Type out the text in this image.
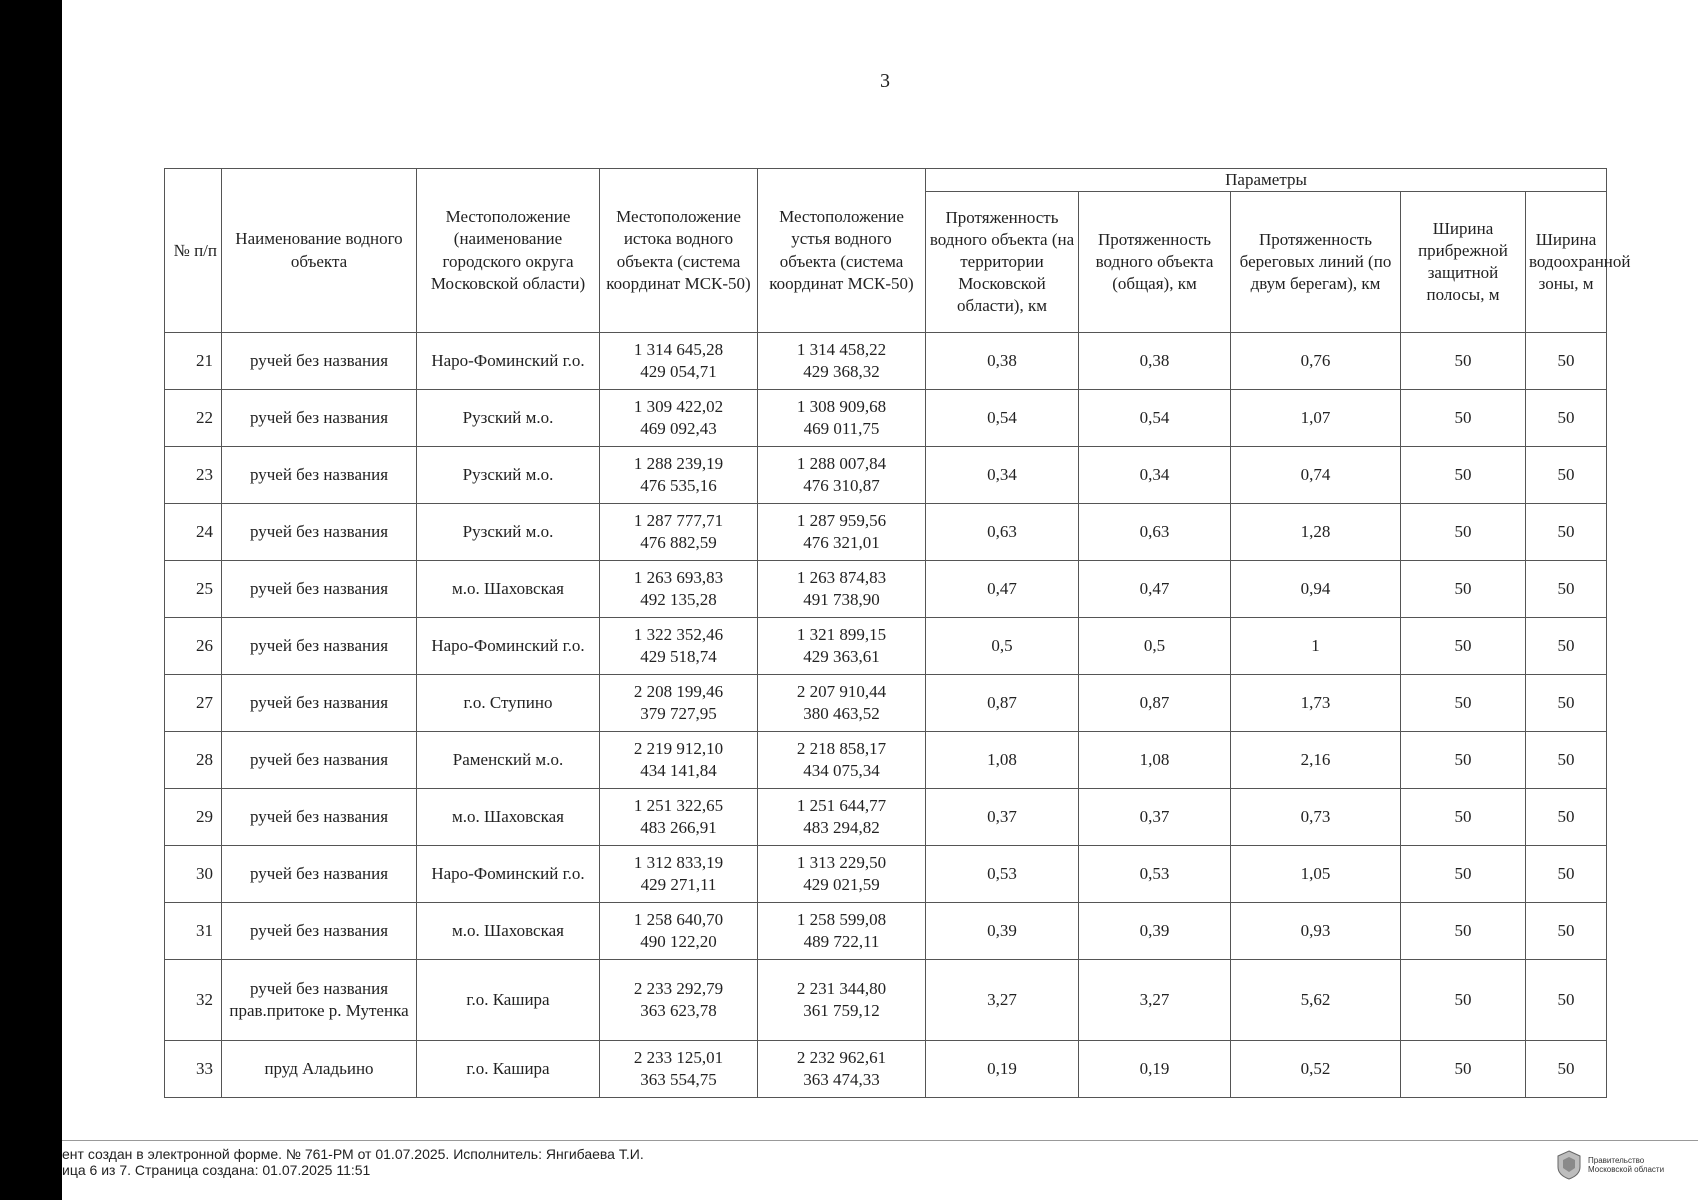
3
№ п/п	Наименование водного объекта	Местоположение (наименование городского округа Московской области)	Местоположение истока водного объекта (система координат МСК-50)	Местоположение устья водного объекта (система координат МСК-50)	Параметры				
					Протяженность водного объекта (на территории Московской области), км	Протяженность водного объекта (общая), км	Протяженность береговых линий (по двум берегам), км	Ширина прибрежной защитной полосы, м	Ширина водоохранной зоны, м
21	ручей без названия	Наро-Фоминский г.о.	1 314 645,28
429 054,71	1 314 458,22
429 368,32	0,38	0,38	0,76	50	50
22	ручей без названия	Рузский м.о.	1 309 422,02
469 092,43	1 308 909,68
469 011,75	0,54	0,54	1,07	50	50
23	ручей без названия	Рузский м.о.	1 288 239,19
476 535,16	1 288 007,84
476 310,87	0,34	0,34	0,74	50	50
24	ручей без названия	Рузский м.о.	1 287 777,71
476 882,59	1 287 959,56
476 321,01	0,63	0,63	1,28	50	50
25	ручей без названия	м.о. Шаховская	1 263 693,83
492 135,28	1 263 874,83
491 738,90	0,47	0,47	0,94	50	50
26	ручей без названия	Наро-Фоминский г.о.	1 322 352,46
429 518,74	1 321 899,15
429 363,61	0,5	0,5	1	50	50
27	ручей без названия	г.о. Ступино	2 208 199,46
379 727,95	2 207 910,44
380 463,52	0,87	0,87	1,73	50	50
28	ручей без названия	Раменский м.о.	2 219 912,10
434 141,84	2 218 858,17
434 075,34	1,08	1,08	2,16	50	50
29	ручей без названия	м.о. Шаховская	1 251 322,65
483 266,91	1 251 644,77
483 294,82	0,37	0,37	0,73	50	50
30	ручей без названия	Наро-Фоминский г.о.	1 312 833,19
429 271,11	1 313 229,50
429 021,59	0,53	0,53	1,05	50	50
31	ручей без названия	м.о. Шаховская	1 258 640,70
490 122,20	1 258 599,08
489 722,11	0,39	0,39	0,93	50	50
32	ручей без названия прав.притоке р. Мутенка	г.о. Кашира	2 233 292,79
363 623,78	2 231 344,80
361 759,12	3,27	3,27	5,62	50	50
33	пруд Аладьино	г.о. Кашира	2 233 125,01
363 554,75	2 232 962,61
363 474,33	0,19	0,19	0,52	50	50
ент создан в электронной форме. № 761-РМ от 01.07.2025. Исполнитель: Янгибаева Т.И.
ица 6 из 7. Страница создана: 01.07.2025 11:51
Правительство
Московской области
